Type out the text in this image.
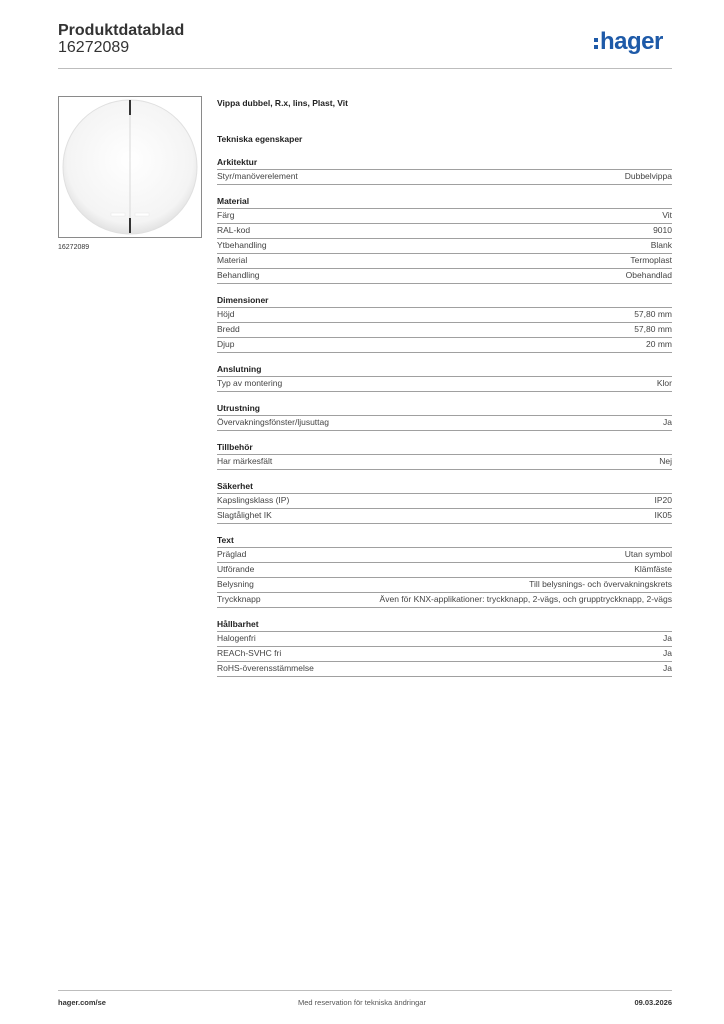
Produktdatablad
16272089	hager
16272089
Vippa dubbel, R.x, lins, Plast, Vit
Tekniska egenskaper
Arkitektur
Styr/manöverelement	Dubbelvippa
Material
Färg	Vit
RAL-kod	9010
Ytbehandling	Blank
Material	Termoplast
Behandling	Obehandlad
Dimensioner
Höjd	57,80 mm
Bredd	57,80 mm
Djup	20 mm
Anslutning
Typ av montering	Klor
Utrustning
Övervakningsfönster/ljusuttag	Ja
Tillbehör
Har märkesfält	Nej
Säkerhet
Kapslingsklass (IP)	IP20
Slagtålighet IK	IK05
Text
Präglad	Utan symbol
Utförande	Klämfäste
Belysning	Till belysnings- och övervakningskrets
Tryckknapp	Även för KNX-applikationer: tryckknapp, 2-vägs, och grupptryckknapp, 2-vägs
Hållbarhet
Halogenfri	Ja
REACh-SVHC fri	Ja
RoHS-överensstämmelse	Ja
hager.com/se	Med reservation för tekniska ändringar	09.03.2026
